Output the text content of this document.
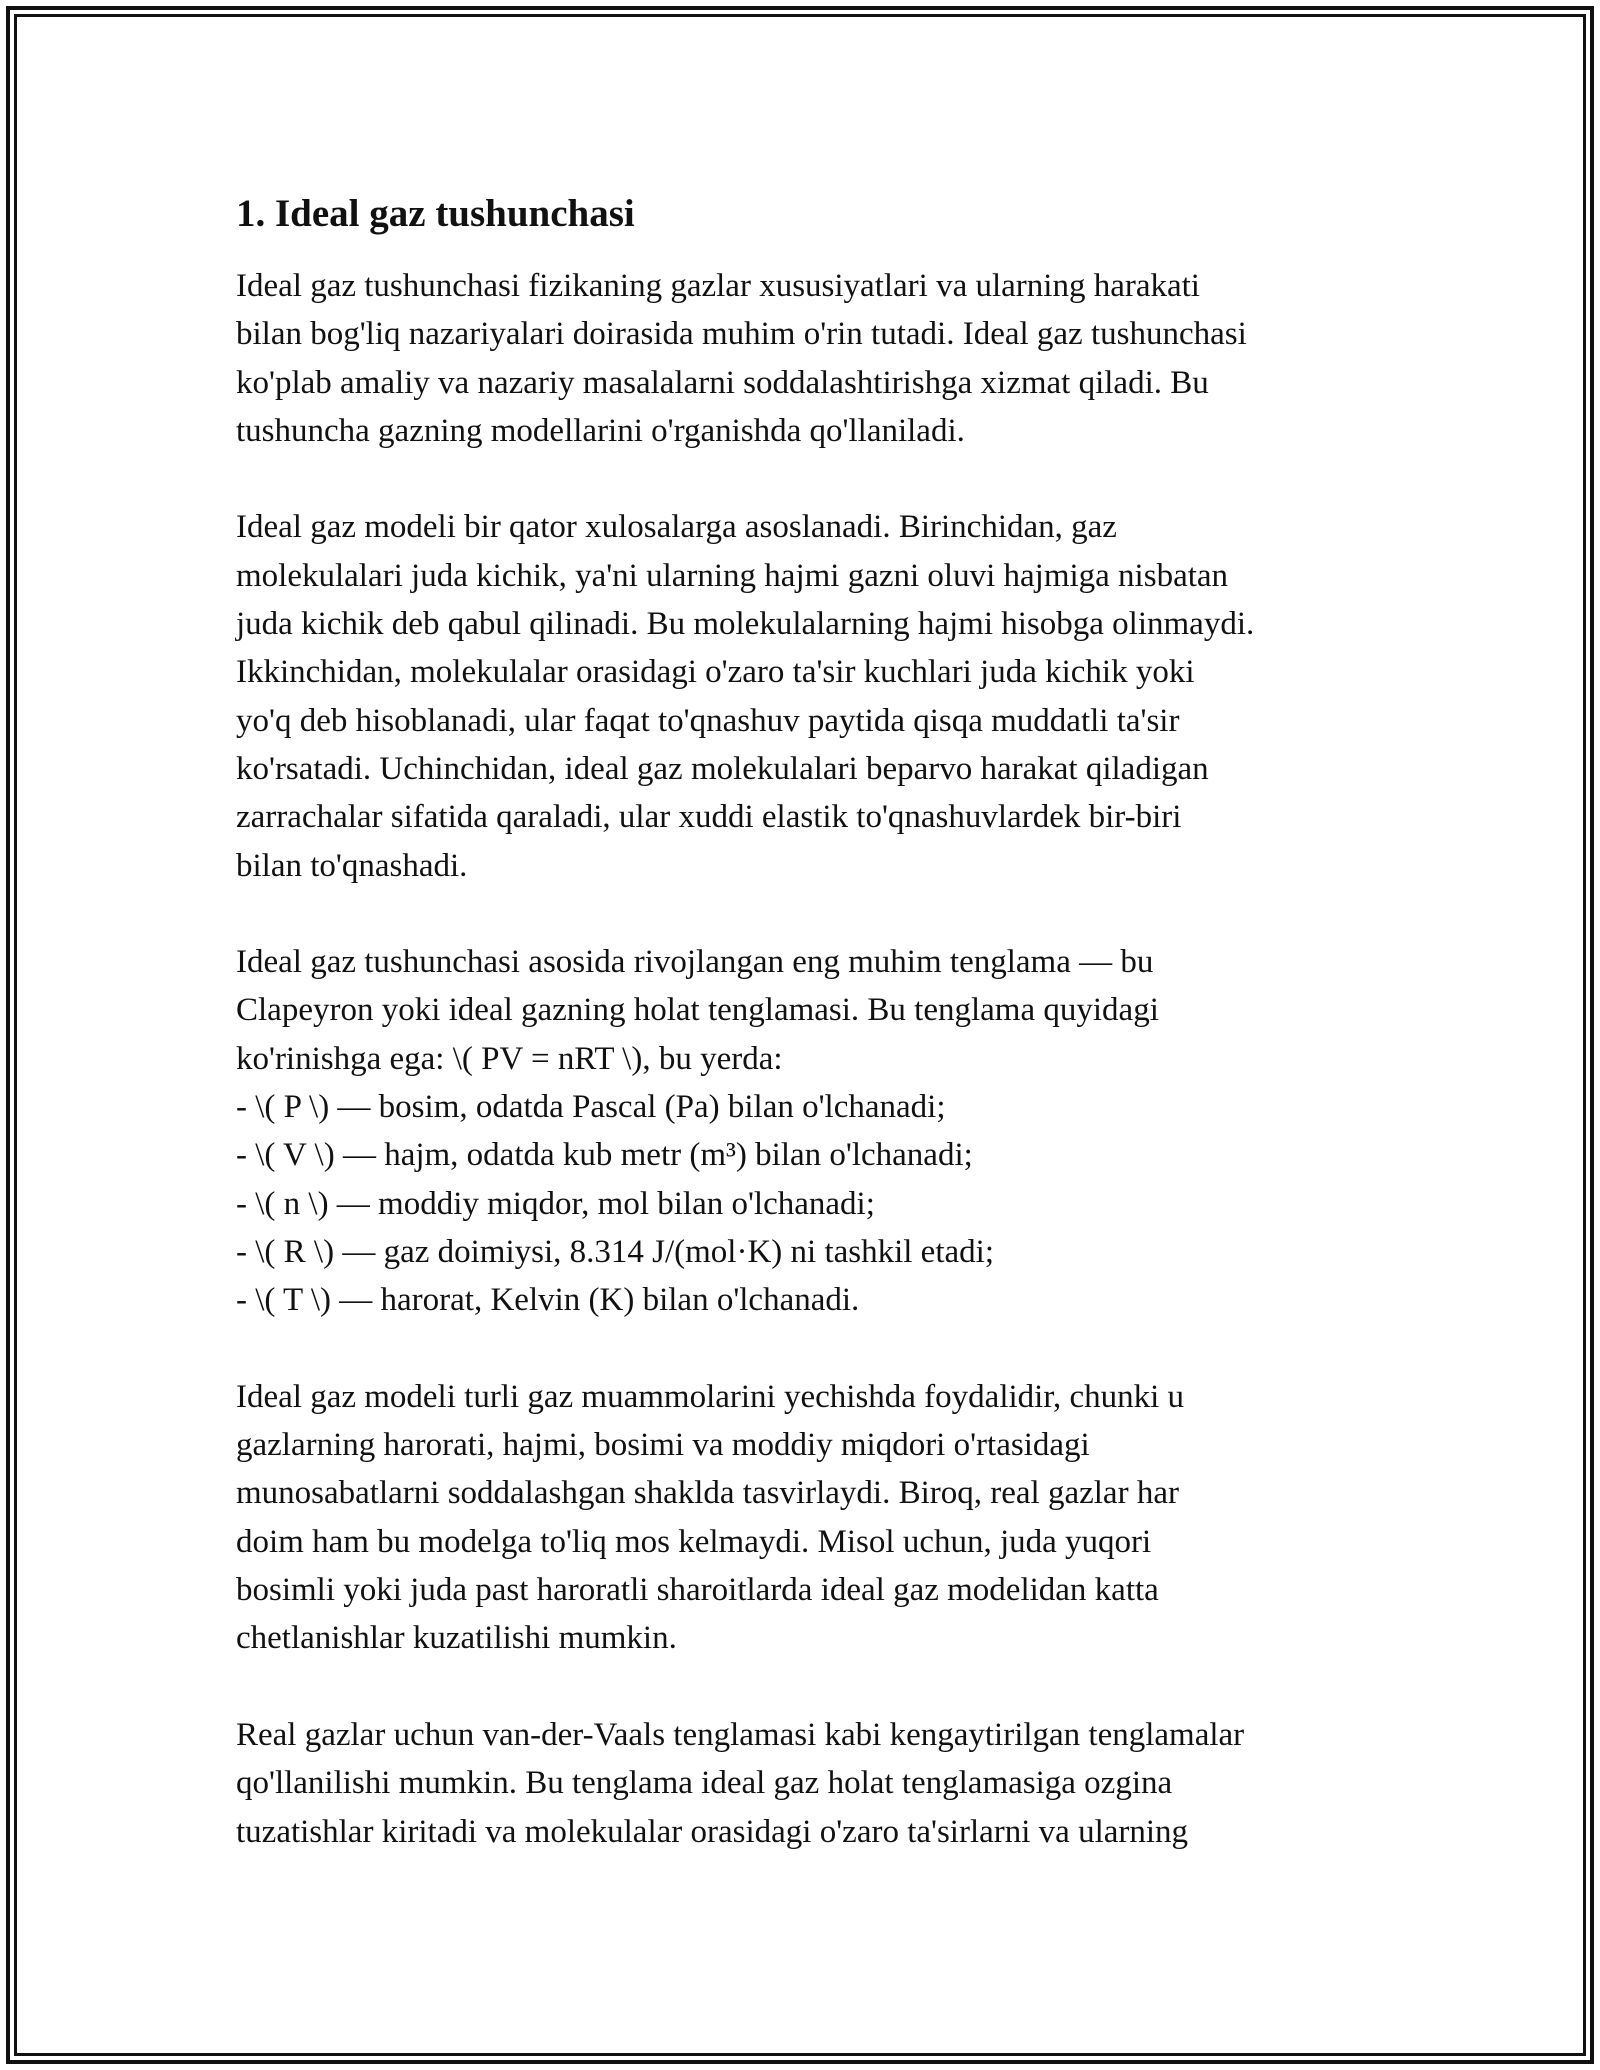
1. Ideal gaz tushunchasi

Ideal gaz tushunchasi fizikaning gazlar xususiyatlari va ularning harakati
bilan bog'liq nazariyalari doirasida muhim o'rin tutadi. Ideal gaz tushunchasi
ko'plab amaliy va nazariy masalalarni soddalashtirishga xizmat qiladi. Bu
tushuncha gazning modellarini o'rganishda qo'llaniladi.

Ideal gaz modeli bir qator xulosalarga asoslanadi. Birinchidan, gaz
molekulalari juda kichik, ya'ni ularning hajmi gazni oluvi hajmiga nisbatan
juda kichik deb qabul qilinadi. Bu molekulalarning hajmi hisobga olinmaydi.
Ikkinchidan, molekulalar orasidagi o'zaro ta'sir kuchlari juda kichik yoki
yo'q deb hisoblanadi, ular faqat to'qnashuv paytida qisqa muddatli ta'sir
ko'rsatadi. Uchinchidan, ideal gaz molekulalari beparvo harakat qiladigan
zarrachalar sifatida qaraladi, ular xuddi elastik to'qnashuvlardek bir-biri
bilan to'qnashadi.

Ideal gaz tushunchasi asosida rivojlangan eng muhim tenglama — bu
Clapeyron yoki ideal gazning holat tenglamasi. Bu tenglama quyidagi
ko'rinishga ega: \( PV = nRT \), bu yerda:
- \( P \) — bosim, odatda Pascal (Pa) bilan o'lchanadi;
- \( V \) — hajm, odatda kub metr (m³) bilan o'lchanadi;
- \( n \) — moddiy miqdor, mol bilan o'lchanadi;
- \( R \) — gaz doimiysi, 8.314 J/(mol·K) ni tashkil etadi;
- \( T \) — harorat, Kelvin (K) bilan o'lchanadi.

Ideal gaz modeli turli gaz muammolarini yechishda foydalidir, chunki u
gazlarning harorati, hajmi, bosimi va moddiy miqdori o'rtasidagi
munosabatlarni soddalashgan shaklda tasvirlaydi. Biroq, real gazlar har
doim ham bu modelga to'liq mos kelmaydi. Misol uchun, juda yuqori
bosimli yoki juda past haroratli sharoitlarda ideal gaz modelidan katta
chetlanishlar kuzatilishi mumkin.

Real gazlar uchun van-der-Vaals tenglamasi kabi kengaytirilgan tenglamalar
qo'llanilishi mumkin. Bu tenglama ideal gaz holat tenglamasiga ozgina
tuzatishlar kiritadi va molekulalar orasidagi o'zaro ta'sirlarni va ularning
